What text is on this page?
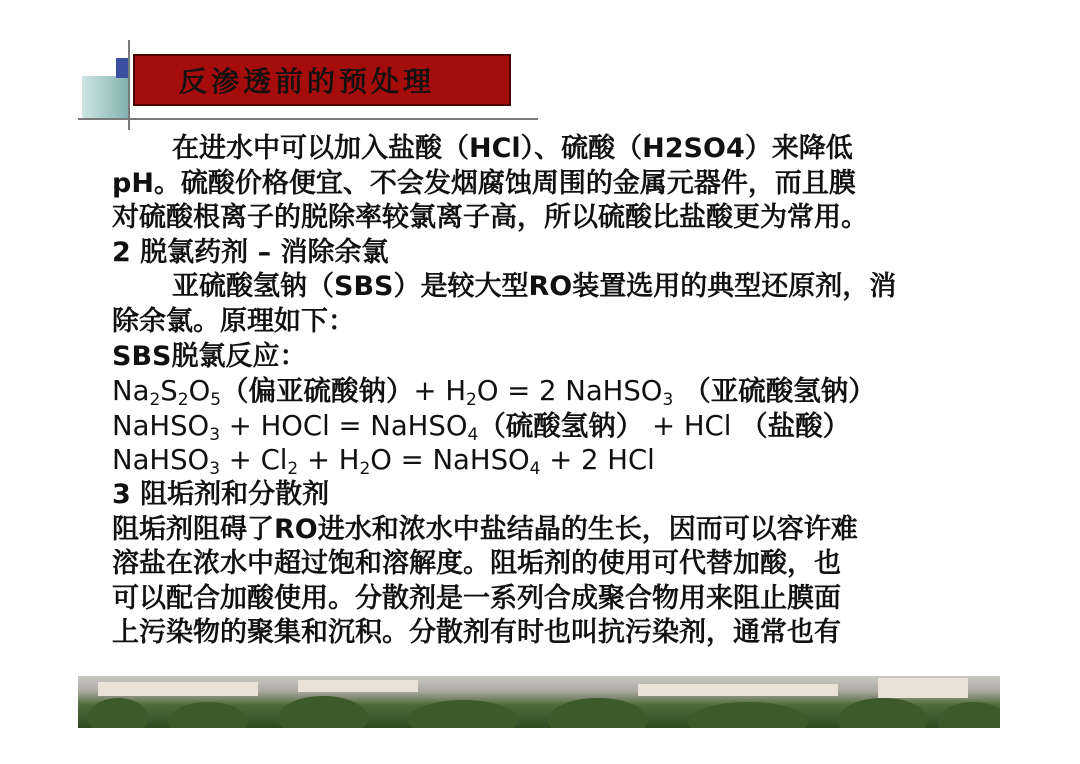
反渗透前的预处理
在进水中可以加入盐酸（HCl）、硫酸（H2SO4）来降低
pH。硫酸价格便宜、不会发烟腐蚀周围的金属元器件，而且膜
对硫酸根离子的脱除率较氯离子高，所以硫酸比盐酸更为常用。
2 脱氯药剂 – 消除余氯
亚硫酸氢钠（SBS）是较大型RO装置选用的典型还原剂，消
除余氯。原理如下：
SBS脱氯反应：
$Na_2S_2O_5$（偏亚硫酸钠）+ $H_2O = 2$ NaHSO$_3$ （亚硫酸氢钠）
NaHSO$_3$ + HOCl = NaHSO$_4$（硫酸氢钠） + HCl （盐酸）
NaHSO$_3$ + $Cl_2 + H_2O$ = NaHSO$_4$ + 2 HCl
3 阻垢剂和分散剂
阻垢剂阻碍了RO进水和浓水中盐结晶的生长，因而可以容许难
溶盐在浓水中超过饱和溶解度。阻垢剂的使用可代替加酸，也
可以配合加酸使用。分散剂是一系列合成聚合物用来阻止膜面
上污染物的聚集和沉积。分散剂有时也叫抗污染剂，通常也有
